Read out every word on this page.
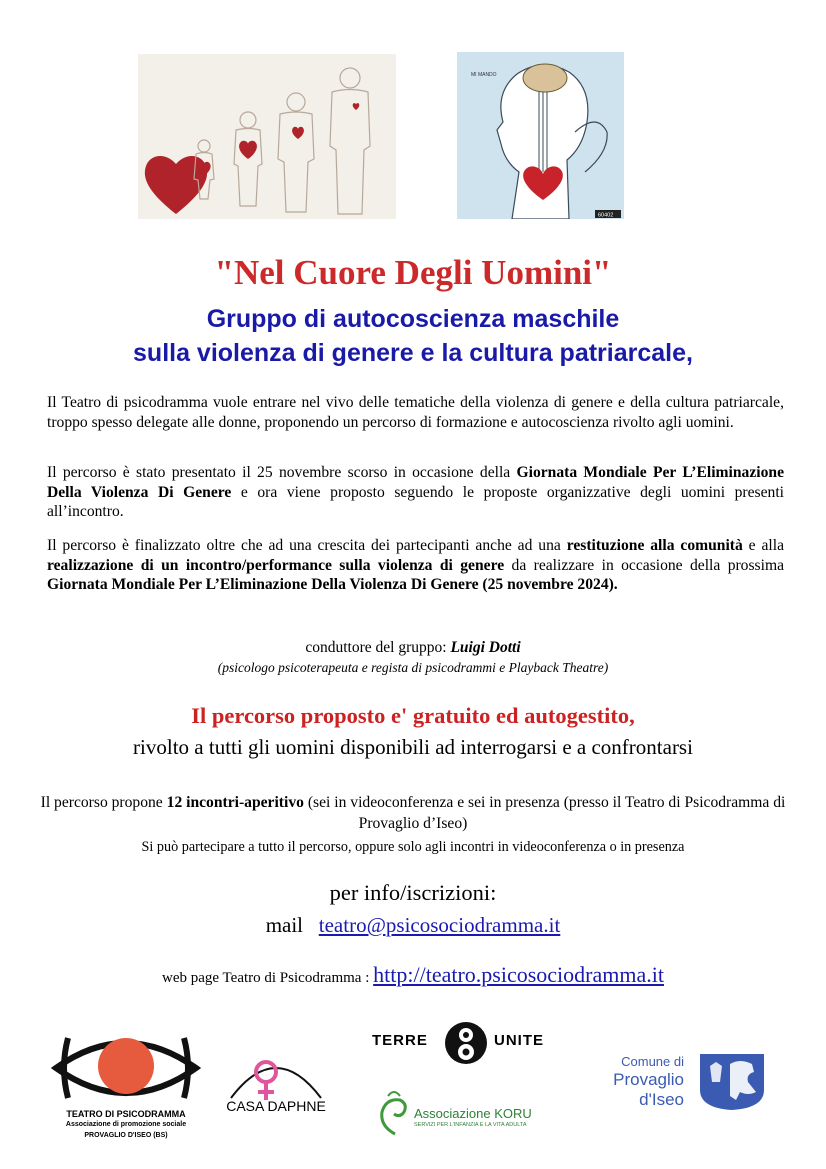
MI MANDO
60402
"Nel Cuore Degli Uomini"
Gruppo di autocoscienza maschile
sulla violenza di genere e la cultura patriarcale,
Il Teatro di psicodramma vuole entrare nel vivo delle tematiche della violenza di genere e della cultura patriarcale, troppo spesso delegate alle donne, proponendo un percorso di formazione e autocoscienza rivolto agli uomini.
Il percorso è stato presentato il 25 novembre scorso in occasione della Giornata Mondiale Per L’Eliminazione Della Violenza Di Genere e ora viene proposto seguendo le proposte organizzative degli uomini presenti all’incontro.
Il percorso è finalizzato oltre che ad una crescita dei partecipanti anche ad una restituzione alla comunità e alla realizzazione di un incontro/performance sulla violenza di genere da realizzare in occasione della prossima Giornata Mondiale Per L’Eliminazione Della Violenza Di Genere (25 novembre 2024).
conduttore del gruppo: Luigi Dotti
(psicologo psicoterapeuta e regista di psicodrammi e Playback Theatre)
Il percorso proposto e' gratuito ed autogestito,
rivolto a tutti gli uomini disponibili ad interrogarsi e a confrontarsi
Il percorso propone 12 incontri-aperitivo (sei in videoconferenza e sei in presenza (presso il Teatro di Psicodramma di Provaglio d’Iseo)
Si può partecipare a tutto il percorso, oppure solo agli incontri in videoconferenza o in presenza
per info/iscrizioni:
mail   teatro@psicosociodramma.it
web page Teatro di Psicodramma : http://teatro.psicosociodramma.it
TEATRO DI PSICODRAMMA
Associazione di promozione sociale
PROVAGLIO D'ISEO (BS)
CASA DAPHNE
TERRE	UNITE
Associazione KORU
SERVIZI PER L'INFANZIA E LA VITA ADULTA
Comune di
Provaglio
d'Iseo
